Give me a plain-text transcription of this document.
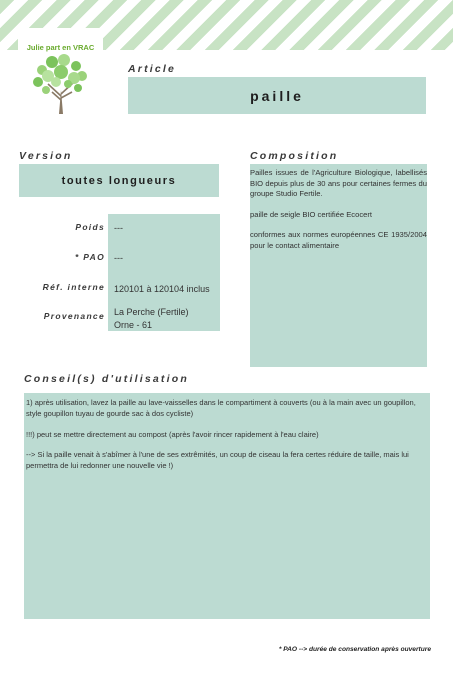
Julie part en VRAC
Article
paille
Version
toutes longueurs
Composition

Pailles issues de l'Agriculture Biologique, labellisés BIO depuis plus de 30 ans pour certaines fermes du groupe Studio Fertile.

paille de seigle BIO certifiée Ecocert

conformes aux normes européennes CE 1935/2004 pour le contact alimentaire

Poids ---
* PAO ---
Réf. interne 120101 à 120104 inclus
Provenance La Perche (Fertile)
Orne - 61
Conseil(s) d'utilisation

1) après utilisation, lavez la paille au lave-vaisselles dans le compartiment à couverts (ou à la main avec un goupillon, style goupillon tuyau de gourde sac à dos cycliste)

!!!) peut se mettre directement au compost (après l'avoir rincer rapidement à l'eau claire)

--> Si la paille venait à s'abîmer à l'une de ses extrêmités, un coup de ciseau la fera certes réduire de taille, mais lui permettra de lui redonner une nouvelle vie !)

* PAO --> durée de conservation après ouverture
